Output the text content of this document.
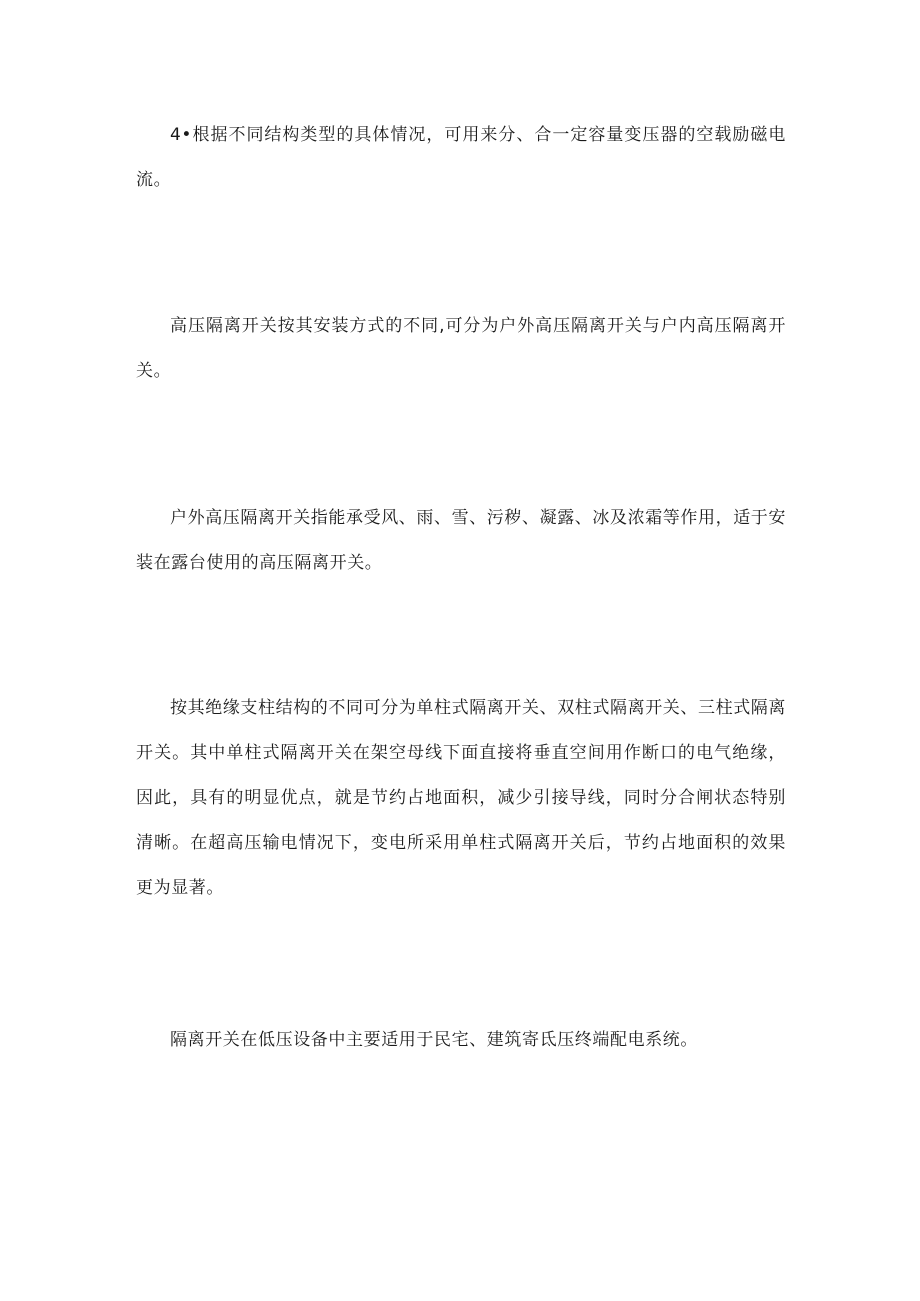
4•根据不同结构类型的具体情况，可用来分、合一定容量变压器的空载励磁电流。

高压隔离开关按其安装方式的不同,可分为户外高压隔离开关与户内高压隔离开关。

户外高压隔离开关指能承受风、雨、雪、污秽、凝露、冰及浓霜等作用，适于安装在露台使用的高压隔离开关。

按其绝缘支柱结构的不同可分为单柱式隔离开关、双柱式隔离开关、三柱式隔离开关。其中单柱式隔离开关在架空母线下面直接将垂直空间用作断口的电气绝缘，因此，具有的明显优点，就是节约占地面积，减少引接导线，同时分合闸状态特别清晰。在超高压输电情况下，变电所采用单柱式隔离开关后，节约占地面积的效果更为显著。

隔离开关在低压设备中主要适用于民宅、建筑寄氐压终端配电系统。
